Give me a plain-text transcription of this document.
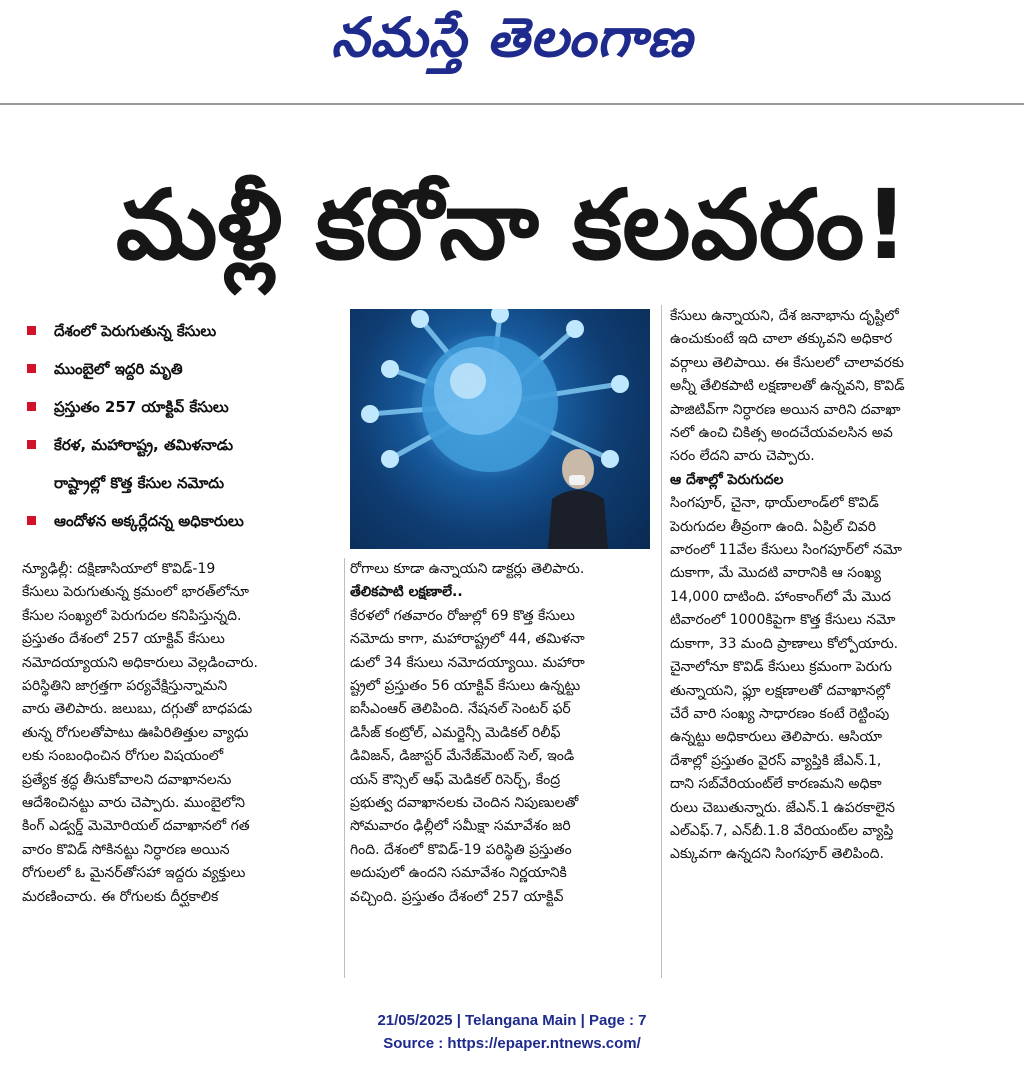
నమస్తే తెలంగాణ
మళ్లీ కరోనా కలవరం!
దేశంలో పెరుగుతున్న కేసులు
ముంబైలో ఇద్దరి మృతి
ప్రస్తుతం 257 యాక్టివ్ కేసులు
కేరళ, మహారాష్ట్ర, తమిళనాడు
రాష్ట్రాల్లో కొత్త కేసుల నమోదు
ఆందోళన అక్కర్లేదన్న అధికారులు

న్యూఢిల్లీ: దక్షిణాసియాలో కొవిడ్-19

కేసులు పెరుగుతున్న క్రమంలో భారత్‌లోనూ

కేసుల సంఖ్యలో పెరుగుదల కనిపిస్తున్నది.

ప్రస్తుతం దేశంలో 257 యాక్టివ్ కేసులు

నమోదయ్యాయని అధికారులు వెల్లడించారు.

పరిస్థితిని జాగ్రత్తగా పర్యవేక్షిస్తున్నామని

వారు తెలిపారు. జలుబు, దగ్గుతో బాధపడు

తున్న రోగులతోపాటు ఊపిరితిత్తుల వ్యాధు

లకు సంబంధించిన రోగుల విషయంలో

ప్రత్యేక శ్రద్ధ తీసుకోవాలని దవాఖానలను

ఆదేశించినట్టు వారు చెప్పారు. ముంబైలోని

కింగ్ ఎడ్వర్డ్ మెమోరియల్ దవాఖానలో గత

వారం కొవిడ్ సోకినట్టు నిర్ధారణ అయిన

రోగులలో ఓ మైనర్‌తోసహా ఇద్దరు వ్యక్తులు

మరణించారు. ఈ రోగులకు దీర్ఘకాలిక

రోగాలు కూడా ఉన్నాయని డాక్టర్లు తెలిపారు.

తేలికపాటి లక్షణాలే..

కేరళలో గతవారం రోజుల్లో 69 కొత్త కేసులు

నమోదు కాగా, మహారాష్ట్రలో 44, తమిళనా

డులో 34 కేసులు నమోదయ్యాయి. మహారా

ష్ట్రలో ప్రస్తుతం 56 యాక్టివ్ కేసులు ఉన్నట్టు

ఐసీఎంఆర్ తెలిపింది. నేషనల్ సెంటర్ ఫర్

డిసీజ్ కంట్రోల్, ఎమర్జెన్సీ మెడికల్ రిలీఫ్

డివిజన్, డిజాస్టర్ మేనేజ్‌మెంట్ సెల్, ఇండి

యన్ కౌన్సిల్ ఆఫ్ మెడికల్ రిసెర్చ్, కేంద్ర

ప్రభుత్వ దవాఖానలకు చెందిన నిపుణులతో

సోమవారం ఢిల్లీలో సమీక్షా సమావేశం జరి

గింది. దేశంలో కొవిడ్-19 పరిస్థితి ప్రస్తుతం

అదుపులో ఉందని సమావేశం నిర్ణయానికి

వచ్చింది. ప్రస్తుతం దేశంలో 257 యాక్టివ్

కేసులు ఉన్నాయని, దేశ జనాభాను దృష్టిలో

ఉంచుకుంటే ఇది చాలా తక్కువని అధికార

వర్గాలు తెలిపాయి. ఈ కేసులలో చాలావరకు

అన్నీ తేలికపాటి లక్షణాలతో ఉన్నవని, కొవిడ్

పాజిటివ్‌గా నిర్ధారణ అయిన వారిని దవాఖా

నలో ఉంచి చికిత్స అందచేయవలసిన అవ

సరం లేదని వారు చెప్పారు.

ఆ దేశాల్లో పెరుగుదల

సింగపూర్, చైనా, థాయ్‌లాండ్‌లో కొవిడ్

పెరుగుదల తీవ్రంగా ఉంది. ఏప్రిల్ చివరి

వారంలో 11వేల కేసులు సింగపూర్‌లో నమో

దుకాగా, మే మొదటి వారానికి ఆ సంఖ్య

14,000 దాటింది. హాంకాంగ్‌లో మే మొద

టివారంలో 1000కిపైగా కొత్త కేసులు నమో

దుకాగా, 33 మంది ప్రాణాలు కోల్పోయారు.

చైనాలోనూ కొవిడ్ కేసులు క్రమంగా పెరుగు

తున్నాయని, ఫ్లూ లక్షణాలతో దవాఖానల్లో

చేరే వారి సంఖ్య సాధారణం కంటే రెట్టింపు

ఉన్నట్టు అధికారులు తెలిపారు. ఆసియా

దేశాల్లో ప్రస్తుతం వైరస్ వ్యాప్తికి జేఎన్.1,

దాని సబ్‌వేరియంట్‌లే కారణమని అధికా

రులు చెబుతున్నారు. జేఎన్.1 ఉపరకాలైన

ఎల్ఎఫ్.7, ఎన్‌బీ.1.8 వేరియంట్‌ల వ్యాప్తి

ఎక్కువగా ఉన్నదని సింగపూర్ తెలిపింది.

21/05/2025 | Telangana Main | Page : 7
Source : https://epaper.ntnews.com/
